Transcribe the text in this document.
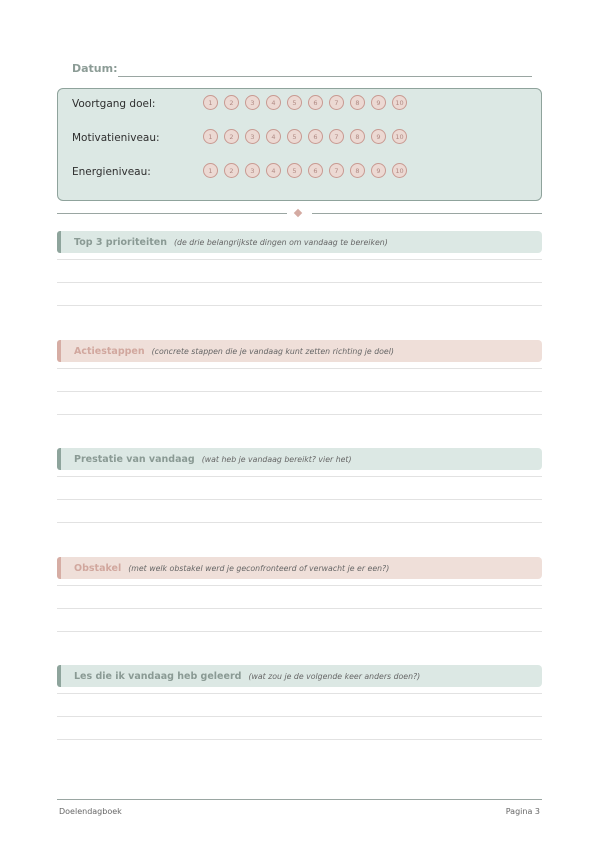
Datum:
Voortgang doel:	1	2	3	4	5	6	7	8	9	10
Motivatieniveau:	1	2	3	4	5	6	7	8	9	10
Energieniveau:	1	2	3	4	5	6	7	8	9	10
Top 3 prioriteiten (de drie belangrijkste dingen om vandaag te bereiken)
Actiestappen (concrete stappen die je vandaag kunt zetten richting je doel)
Prestatie van vandaag (wat heb je vandaag bereikt? vier het)
Obstakel (met welk obstakel werd je geconfronteerd of verwacht je er een?)
Les die ik vandaag heb geleerd (wat zou je de volgende keer anders doen?)
Doelendagboek	Pagina 3
